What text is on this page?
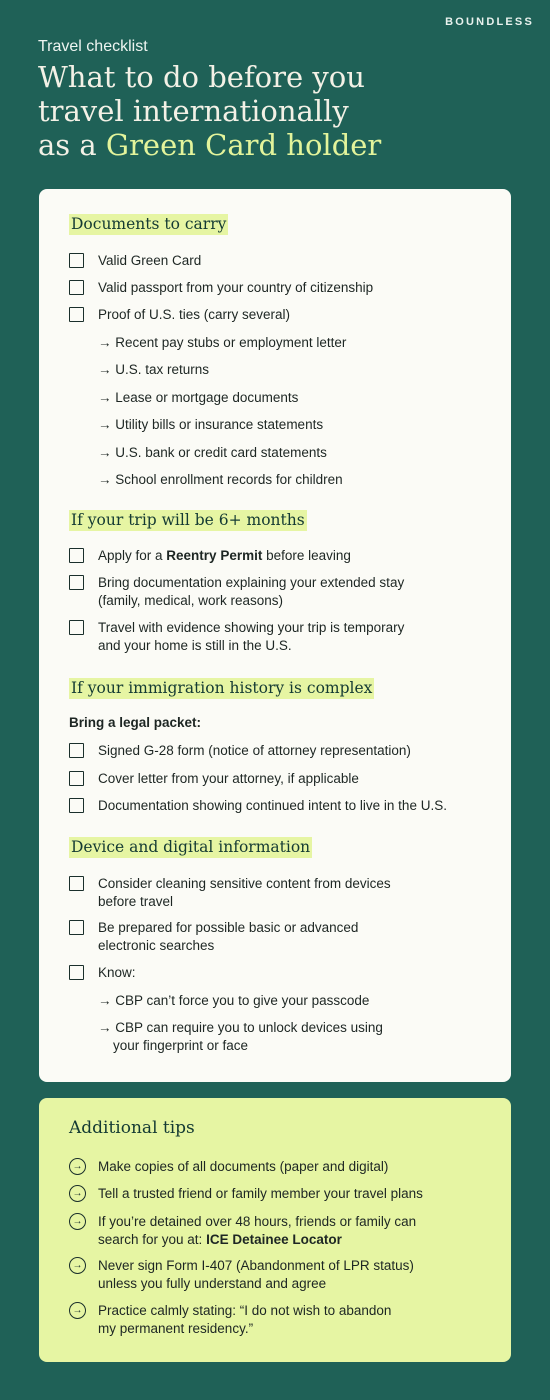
BOUNDLESS
Travel checklist
What to do before you
travel internationally
as a Green Card holder
Documents to carry
Valid Green Card
Valid passport from your country of citizenship
Proof of U.S. ties (carry several)
→ Recent pay stubs or employment letter
→ U.S. tax returns
→ Lease or mortgage documents
→ Utility bills or insurance statements
→ U.S. bank or credit card statements
→ School enrollment records for children
If your trip will be 6+ months
Apply for a Reentry Permit before leaving
Bring documentation explaining your extended stay
(family, medical, work reasons)
Travel with evidence showing your trip is temporary
and your home is still in the U.S.
If your immigration history is complex
Bring a legal packet:
Signed G-28 form (notice of attorney representation)
Cover letter from your attorney, if applicable
Documentation showing continued intent to live in the U.S.
Device and digital information
Consider cleaning sensitive content from devices
before travel
Be prepared for possible basic or advanced
electronic searches
Know:
→ CBP can’t force you to give your passcode
→ CBP can require you to unlock devices using
your fingerprint or face
Additional tips
→ Make copies of all documents (paper and digital)
→ Tell a trusted friend or family member your travel plans
→ If you’re detained over 48 hours, friends or family can
search for you at: ICE Detainee Locator
→ Never sign Form I-407 (Abandonment of LPR status)
unless you fully understand and agree
→ Practice calmly stating: “I do not wish to abandon
my permanent residency.”
